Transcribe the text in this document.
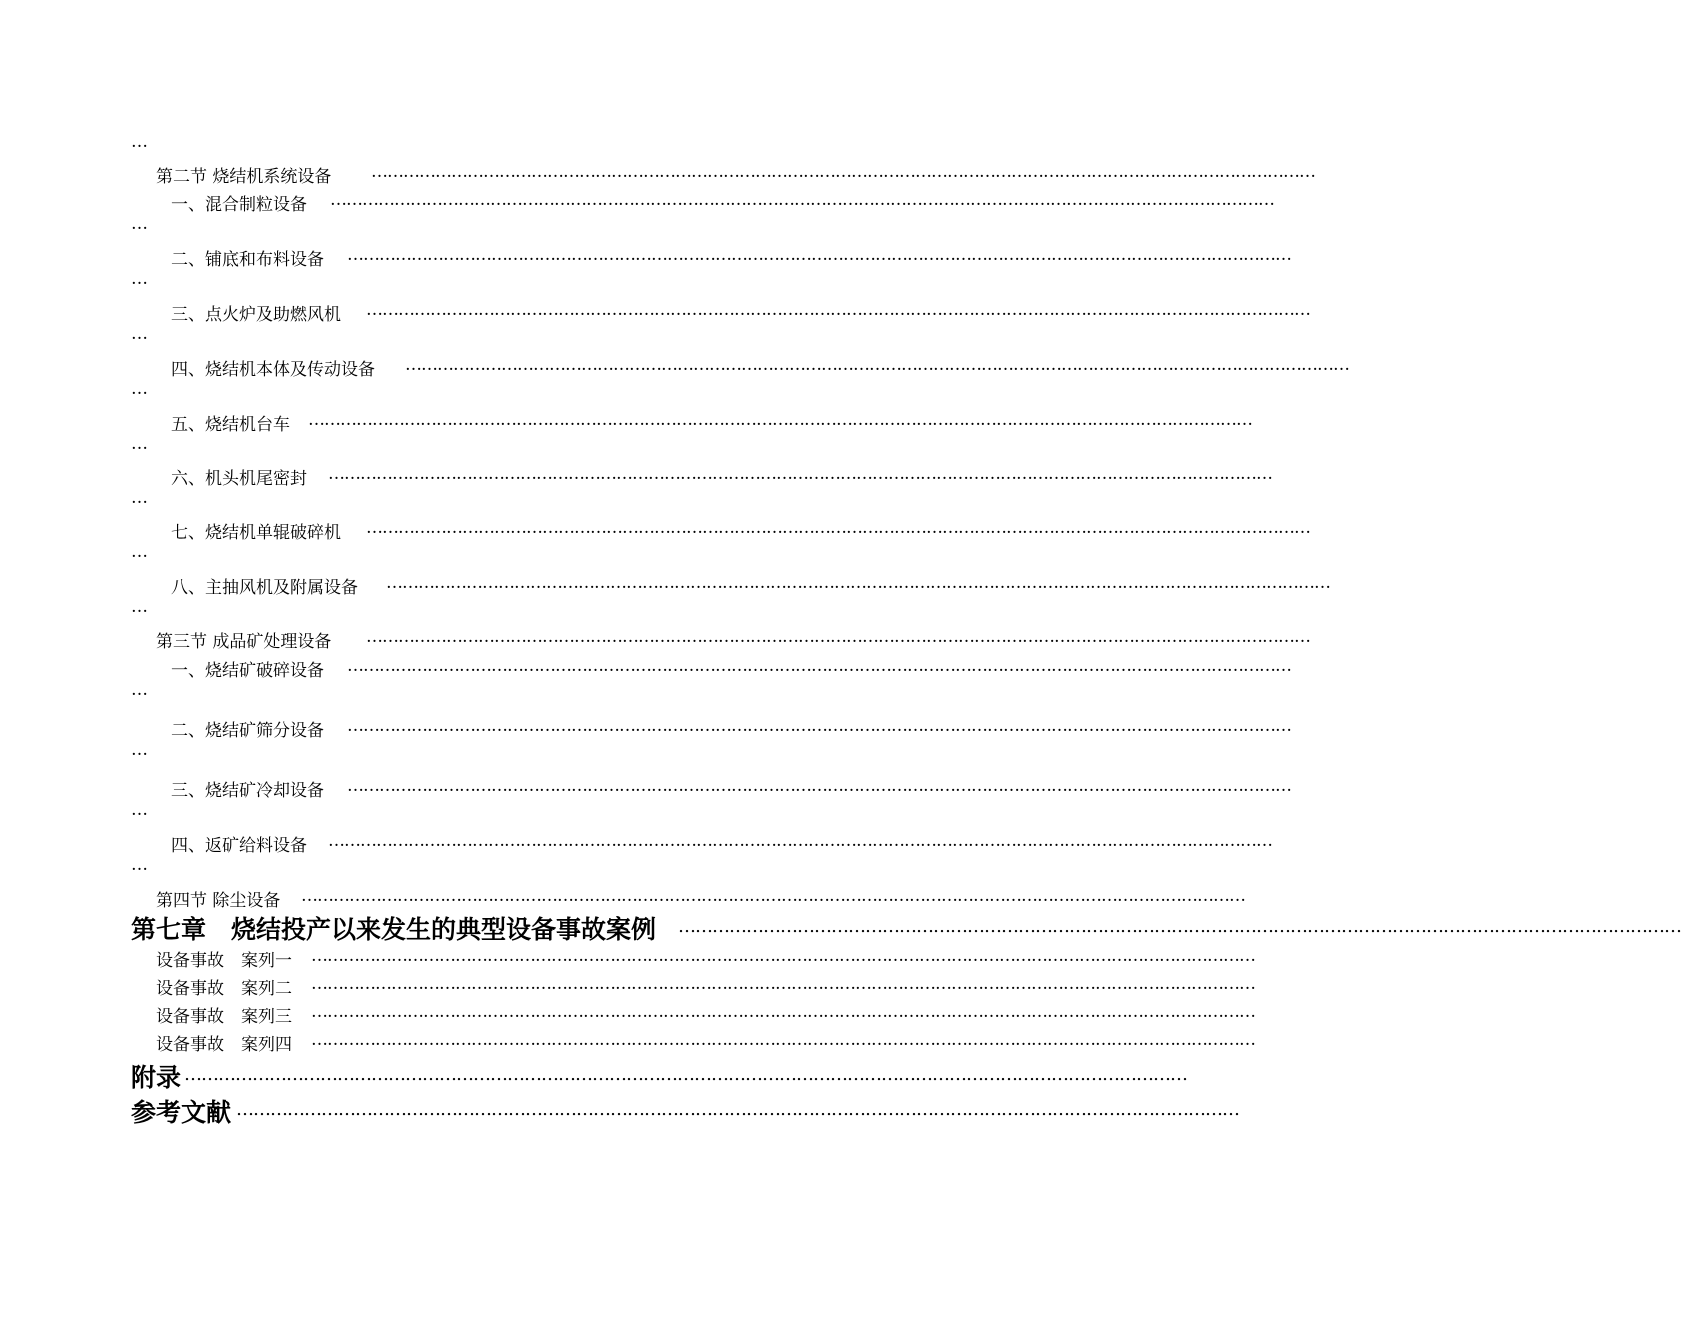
…
第二节 烧结机系统设备 ……………………………………………………………………………………………………………………………………………………………
一、混合制粒设备 ……………………………………………………………………………………………………………………………………………………………
…
二、铺底和布料设备 ……………………………………………………………………………………………………………………………………………………………
…
三、点火炉及助燃风机 ……………………………………………………………………………………………………………………………………………………………
…
四、烧结机本体及传动设备 ……………………………………………………………………………………………………………………………………………………………
…
五、烧结机台车 ……………………………………………………………………………………………………………………………………………………………
…
六、机头机尾密封 ……………………………………………………………………………………………………………………………………………………………
…
七、烧结机单辊破碎机 ……………………………………………………………………………………………………………………………………………………………
…
八、主抽风机及附属设备 ……………………………………………………………………………………………………………………………………………………………
…
第三节 成品矿处理设备 ……………………………………………………………………………………………………………………………………………………………
一、烧结矿破碎设备 ……………………………………………………………………………………………………………………………………………………………
…
二、烧结矿筛分设备 ……………………………………………………………………………………………………………………………………………………………
…
三、烧结矿冷却设备 ……………………………………………………………………………………………………………………………………………………………
…
四、返矿给料设备 ……………………………………………………………………………………………………………………………………………………………
…
第四节 除尘设备 ……………………………………………………………………………………………………………………………………………………………
第七章　烧结投产以来发生的典型设备事故案例 ……………………………………………………………………………………………………………………………………………………………
设备事故　案列一 ……………………………………………………………………………………………………………………………………………………………
设备事故　案列二 ……………………………………………………………………………………………………………………………………………………………
设备事故　案列三 ……………………………………………………………………………………………………………………………………………………………
设备事故　案列四 ……………………………………………………………………………………………………………………………………………………………
附录 ……………………………………………………………………………………………………………………………………………………………
参考文献 ……………………………………………………………………………………………………………………………………………………………
